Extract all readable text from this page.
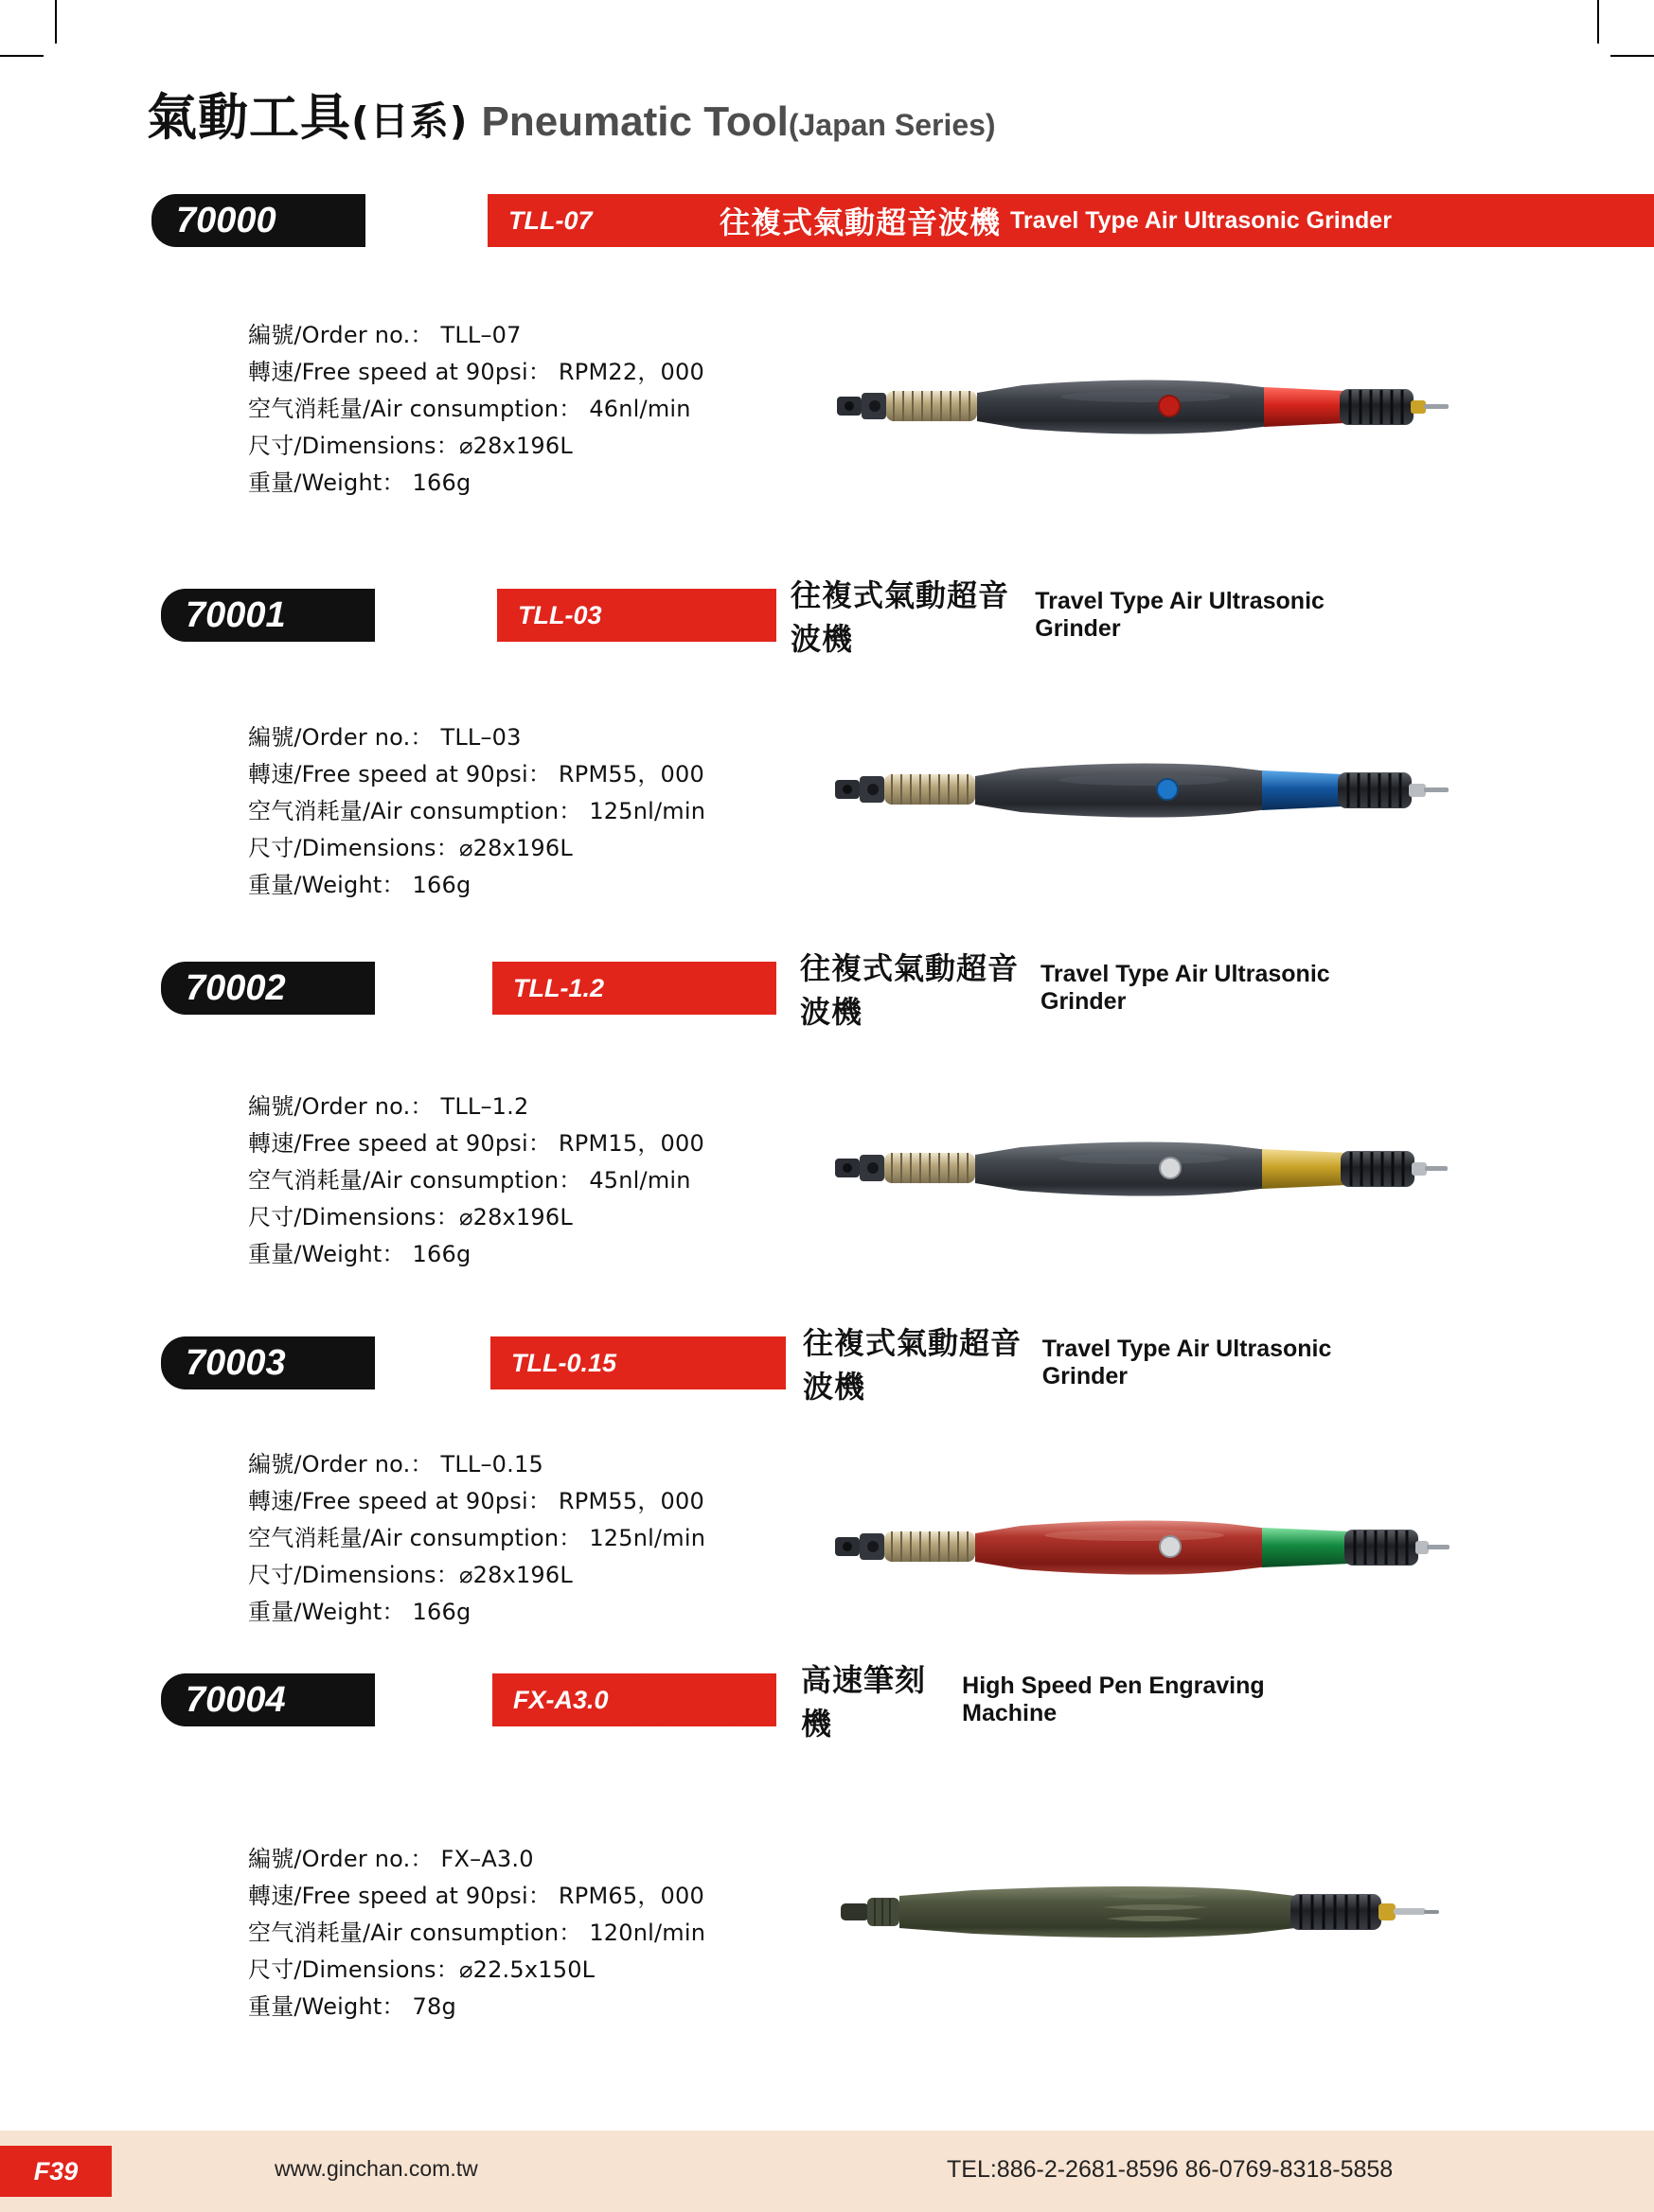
氣動工具(日系) Pneumatic Tool(Japan Series)
TLL-07
70000	往複式氣動超音波機 Travel Type Air Ultrasonic Grinder
編號/Order no.： TLL–07
轉速/Free speed at 90psi： RPM22，000
空气消耗量/Air consumption： 46nl/min
尺寸/Dimensions：⌀28x196L
重量/Weight： 166g
TLL-03
70001	往複式氣動超音波機
Travel Type Air Ultrasonic Grinder
編號/Order no.： TLL–03
轉速/Free speed at 90psi： RPM55，000
空气消耗量/Air consumption： 125nl/min
尺寸/Dimensions：⌀28x196L
重量/Weight： 166g
TLL-1.2
70002	往複式氣動超音波機
Travel Type Air Ultrasonic Grinder
編號/Order no.： TLL–1.2
轉速/Free speed at 90psi： RPM15，000
空气消耗量/Air consumption： 45nl/min
尺寸/Dimensions：⌀28x196L
重量/Weight： 166g
TLL-0.15
70003	往複式氣動超音波機
Travel Type Air Ultrasonic Grinder
編號/Order no.： TLL–0.15
轉速/Free speed at 90psi： RPM55，000
空气消耗量/Air consumption： 125nl/min
尺寸/Dimensions：⌀28x196L
重量/Weight： 166g
FX-A3.0
70004	高速筆刻機
High Speed Pen Engraving Machine
編號/Order no.： FX–A3.0
轉速/Free speed at 90psi： RPM65，000
空气消耗量/Air consumption： 120nl/min
尺寸/Dimensions：⌀22.5x150L
重量/Weight： 78g
F39	www.ginchan.com.tw	TEL:886-2-2681-8596 86-0769-8318-5858
